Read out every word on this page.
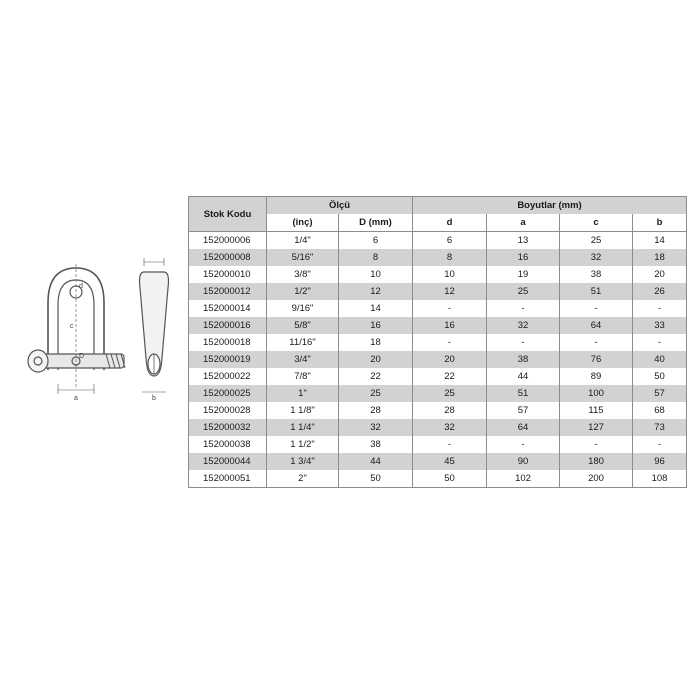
d
c
D
a	b
Stok Kodu	Ölçü		Boyutlar (mm)			
	(inç)	D (mm)	d	a	c	b
152000006	1/4"	6	6	13	25	14
152000008	5/16"	8	8	16	32	18
152000010	3/8"	10	10	19	38	20
152000012	1/2"	12	12	25	51	26
152000014	9/16"	14	-	-	-	-
152000016	5/8"	16	16	32	64	33
152000018	11/16"	18	-	-	-	-
152000019	3/4"	20	20	38	76	40
152000022	7/8"	22	22	44	89	50
152000025	1"	25	25	51	100	57
152000028	1 1/8"	28	28	57	115	68
152000032	1 1/4"	32	32	64	127	73
152000038	1 1/2"	38	-	-	-	-
152000044	1 3/4"	44	45	90	180	96
152000051	2"	50	50	102	200	108
